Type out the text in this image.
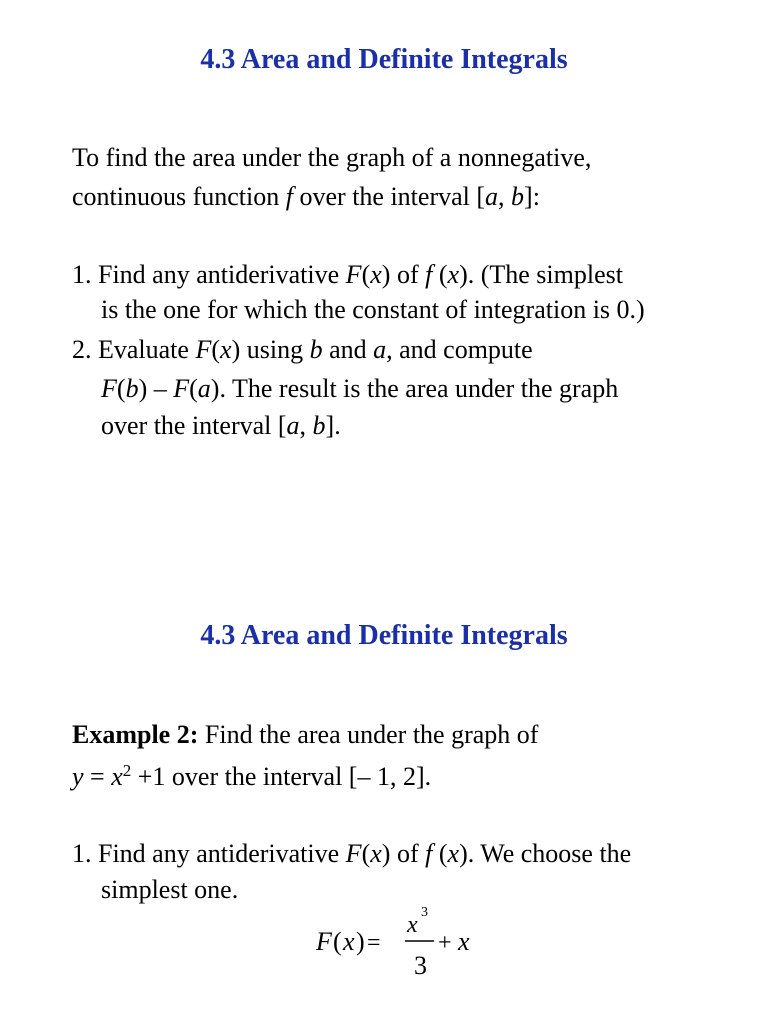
4.3 Area and Definite Integrals
To find the area under the graph of a nonnegative,
continuous function f over the interval [a, b]:
1. Find any antiderivative F(x) of f (x). (The simplest
is the one for which the constant of integration is 0.)
2. Evaluate F(x) using b and a, and compute
F(b) – F(a). The result is the area under the graph
over the interval [a, b].
4.3 Area and Definite Integrals
Example 2: Find the area under the graph of
$y = x^2 +1$ over the interval [– 1, 2].
1. Find any antiderivative F(x) of f (x). We choose the
simplest one.
F ( x ) =
x 3
3
+ x
